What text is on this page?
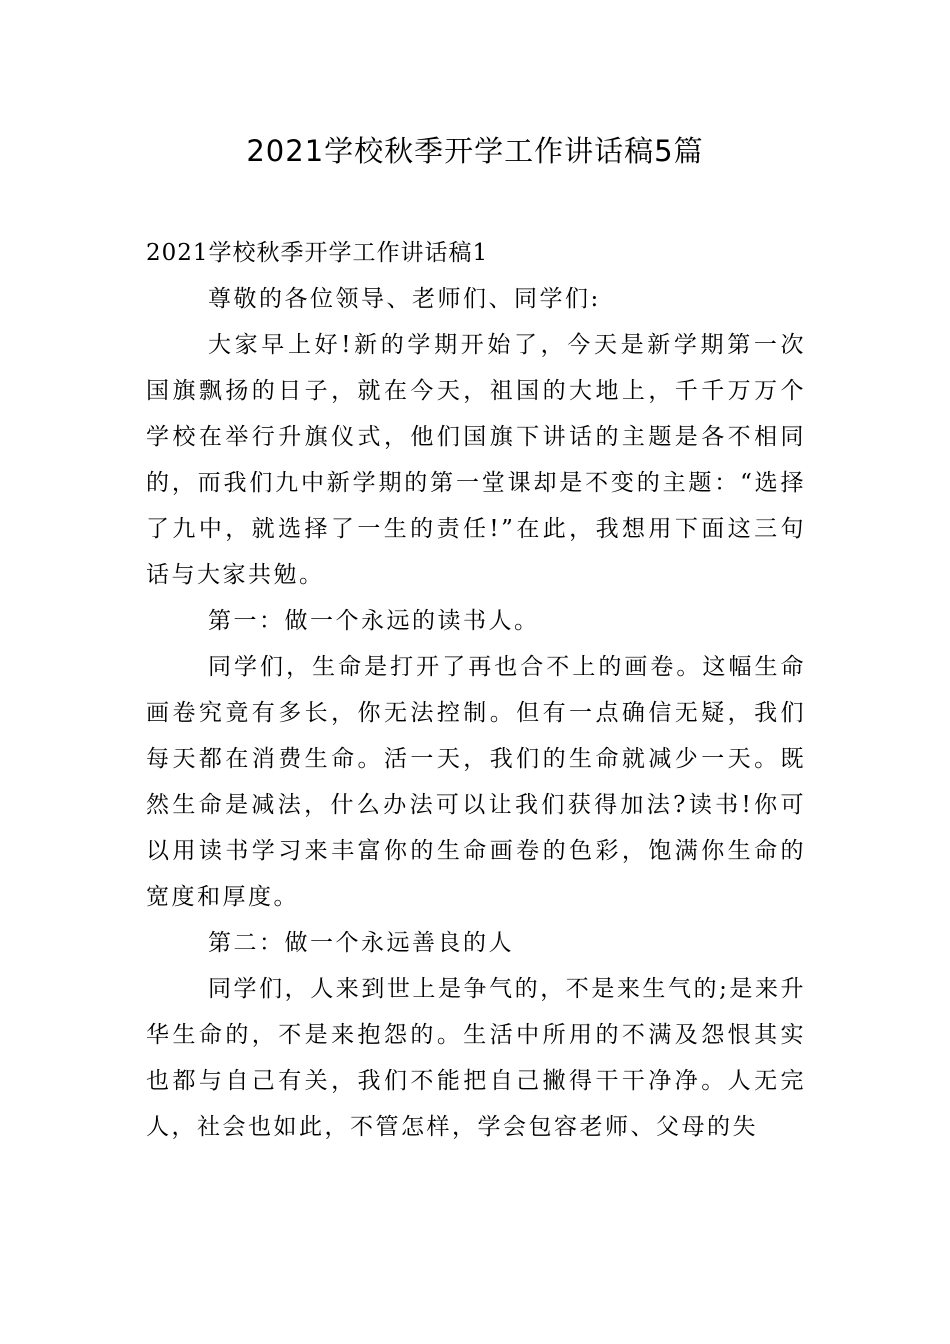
2021学校秋季开学工作讲话稿5篇

2021学校秋季开学工作讲话稿1

尊敬的各位领导、老师们、同学们:

大家早上好!新的学期开始了，今天是新学期第一次国旗飘扬的日子，就在今天，祖国的大地上，千千万万个学校在举行升旗仪式，他们国旗下讲话的主题是各不相同的，而我们九中新学期的第一堂课却是不变的主题：“选择了九中，就选择了一生的责任!”在此，我想用下面这三句话与大家共勉。

第一：做一个永远的读书人。

同学们，生命是打开了再也合不上的画卷。这幅生命画卷究竟有多长，你无法控制。但有一点确信无疑，我们每天都在消费生命。活一天，我们的生命就减少一天。既然生命是减法，什么办法可以让我们获得加法?读书!你可以用读书学习来丰富你的生命画卷的色彩，饱满你生命的宽度和厚度。

第二：做一个永远善良的人

同学们，人来到世上是争气的，不是来生气的;是来升华生命的，不是来抱怨的。生活中所用的不满及怨恨其实也都与自己有关，我们不能把自己撇得干干净净。人无完人，社会也如此，不管怎样，学会包容老师、父母的失
